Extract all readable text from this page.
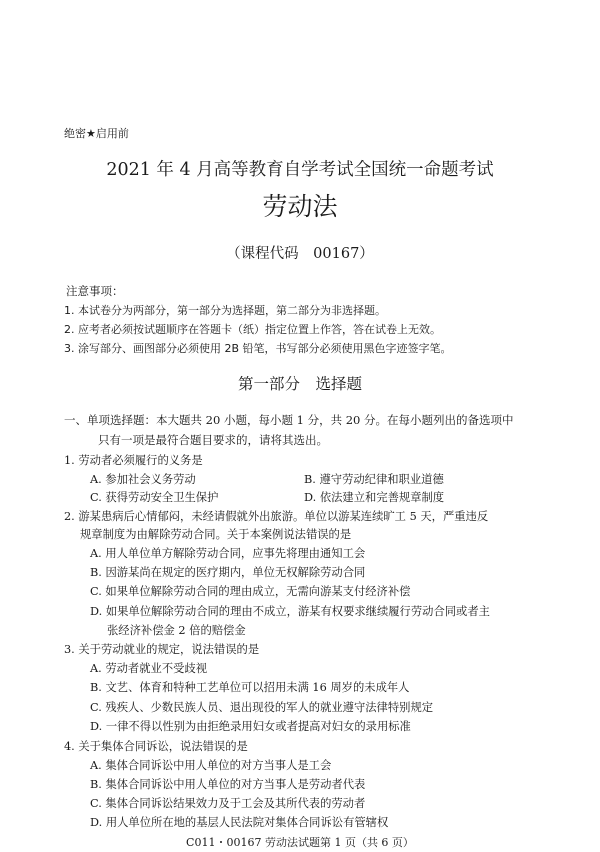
绝密★启用前
2021 年 4 月高等教育自学考试全国统一命题考试
劳动法
（课程代码　00167）
注意事项：
1. 本试卷分为两部分，第一部分为选择题，第二部分为非选择题。
2. 应考者必须按试题顺序在答题卡（纸）指定位置上作答，答在试卷上无效。
3. 涂写部分、画图部分必须使用 2B 铅笔，书写部分必须使用黑色字迹签字笔。
第一部分　选择题
一、单项选择题：本大题共 20 小题，每小题 1 分，共 20 分。在每小题列出的备选项中
只有一项是最符合题目要求的，请将其选出。
1. 劳动者必须履行的义务是
A. 参加社会义务劳动	B. 遵守劳动纪律和职业道德
C. 获得劳动安全卫生保护	D. 依法建立和完善规章制度
2. 游某患病后心情郁闷，未经请假就外出旅游。单位以游某连续旷工 5 天，严重违反
规章制度为由解除劳动合同。关于本案例说法错误的是
A. 用人单位单方解除劳动合同，应事先将理由通知工会
B. 因游某尚在规定的医疗期内，单位无权解除劳动合同
C. 如果单位解除劳动合同的理由成立，无需向游某支付经济补偿
D. 如果单位解除劳动合同的理由不成立，游某有权要求继续履行劳动合同或者主
张经济补偿金 2 倍的赔偿金
3. 关于劳动就业的规定，说法错误的是
A. 劳动者就业不受歧视
B. 文艺、体育和特种工艺单位可以招用未满 16 周岁的未成年人
C. 残疾人、少数民族人员、退出现役的军人的就业遵守法律特别规定
D. 一律不得以性别为由拒绝录用妇女或者提高对妇女的录用标准
4. 关于集体合同诉讼，说法错误的是
A. 集体合同诉讼中用人单位的对方当事人是工会
B. 集体合同诉讼中用人单位的对方当事人是劳动者代表
C. 集体合同诉讼结果效力及于工会及其所代表的劳动者
D. 用人单位所在地的基层人民法院对集体合同诉讼有管辖权
C011・00167 劳动法试题第 1 页（共 6 页）
